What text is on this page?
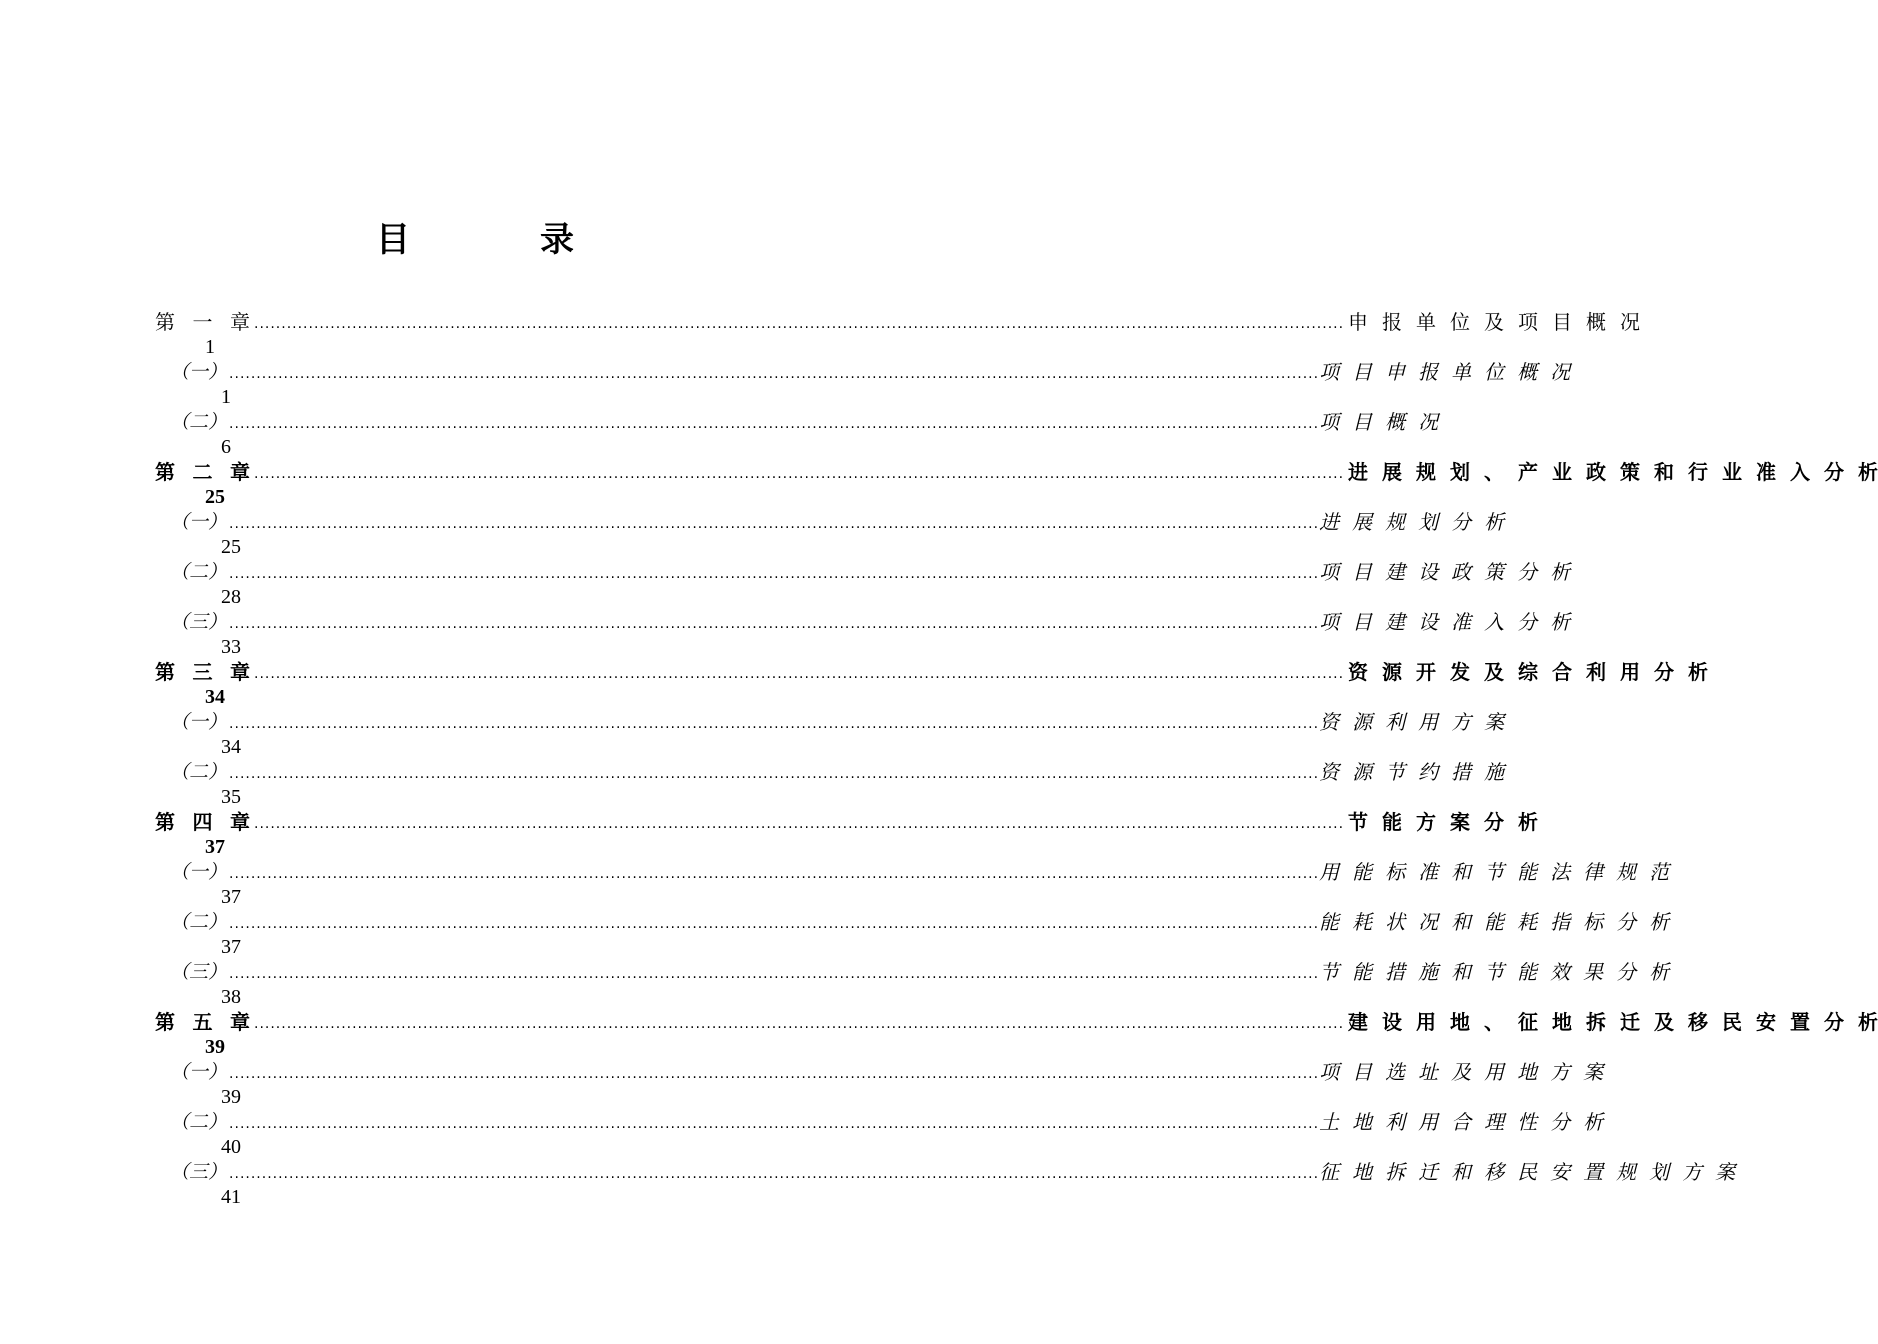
目	录
第 一 章 ........................................................................................................................................................................................................ 申 报 单 位 及 项 目 概 况
1
（ 一 ） ........................................................................................................................................................................................................ 项 目 申 报 单 位 概 况
1
（ 二 ） ........................................................................................................................................................................................................ 项 目 概 况
6
第 二 章 ........................................................................................................................................................................................................ 进 展 规 划 、 产 业 政 策 和 行 业 准 入 分 析
25
（ 一 ） ........................................................................................................................................................................................................ 进 展 规 划 分 析
25
（ 二 ） ........................................................................................................................................................................................................ 项 目 建 设 政 策 分 析
28
（ 三 ） ........................................................................................................................................................................................................ 项 目 建 设 准 入 分 析
33
第 三 章 ........................................................................................................................................................................................................ 资 源 开 发 及 综 合 利 用 分 析
34
（ 一 ） ........................................................................................................................................................................................................ 资 源 利 用 方 案
34
（ 二 ） ........................................................................................................................................................................................................ 资 源 节 约 措 施
35
第 四 章 ........................................................................................................................................................................................................ 节 能 方 案 分 析
37
（ 一 ） ........................................................................................................................................................................................................ 用 能 标 准 和 节 能 法 律 规 范
37
（ 二 ） ........................................................................................................................................................................................................ 能 耗 状 况 和 能 耗 指 标 分 析
37
（ 三 ） ........................................................................................................................................................................................................ 节 能 措 施 和 节 能 效 果 分 析
38
第 五 章 ........................................................................................................................................................................................................ 建 设 用 地 、 征 地 拆 迁 及 移 民 安 置 分 析
39
（ 一 ） ........................................................................................................................................................................................................ 项 目 选 址 及 用 地 方 案
39
（ 二 ） ........................................................................................................................................................................................................ 土 地 利 用 合 理 性 分 析
40
（ 三 ） ........................................................................................................................................................................................................ 征 地 拆 迁 和 移 民 安 置 规 划 方 案
41
